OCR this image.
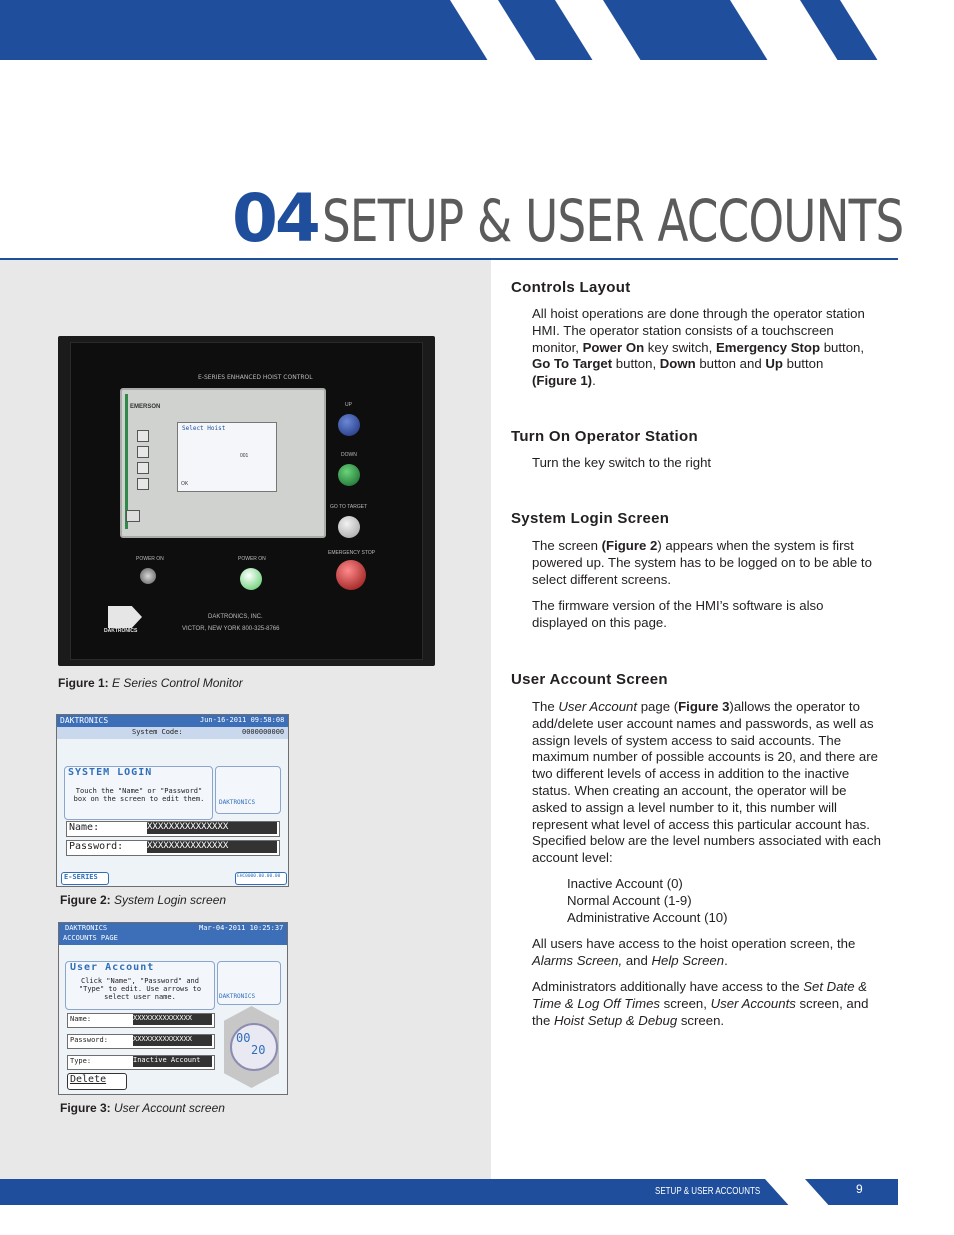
04SETUP & USER ACCOUNTS
E-SERIES ENHANCED HOIST CONTROL
EMERSON
Select Hoist
001
OK
UP
DOWN
GO TO TARGET
EMERGENCY STOP
POWER ON	POWER ON
DAKTRONICS
DAKTRONICS, INC.
VICTOR, NEW YORK 800-325-8766
Figure 1: E Series Control Monitor
DAKTRONICS	Jun-16-2011 09:58:08
System Code:	0000000000
SYSTEM LOGIN
Touch the "Name" or "Password" box on the screen to edit them.	DAKTRONICS
Name:	XXXXXXXXXXXXXXX
Password:	XXXXXXXXXXXXXXX
E-SERIES	EHC0000.00.00.00
Figure 2: System Login screen
DAKTRONICS
ACCOUNTS PAGE
Mar-04-2011 10:25:37
User Account
Click "Name", "Password" and "Type" to edit. Use arrows to select user name.	DAKTRONICS
Name:	XXXXXXXXXXXXXX
Password:	XXXXXXXXXXXXXX
Type:	Inactive Account
Delete
00
20
Figure 3: User Account screen
Controls Layout
All hoist operations are done through the operator station HMI. The operator station consists of a touchscreen monitor, Power On key switch, Emergency Stop button, Go To Target button, Down button and Up button
(Figure 1).
Turn On Operator Station
Turn the key switch to the right
System Login Screen
The screen (Figure 2) appears when the system is first powered up. The system has to be logged on to be able to select different screens.
The firmware version of the HMI’s software is also displayed on this page.
User Account Screen
The User Account page (Figure 3)allows the operator to add/delete user account names and passwords, as well as assign levels of system access to said accounts. The maximum number of possible accounts is 20, and there are two different levels of access in addition to the inactive status. When creating an account, the operator will be asked to assign a level number to it, this number will represent what level of access this particular account has. Specified below are the level numbers associated with each account level:
Inactive Account (0)
Normal Account (1-9)
Administrative Account (10)
All users have access to the hoist operation screen, the Alarms Screen, and Help Screen.
Administrators additionally have access to the Set Date & Time & Log Off Times screen, User Accounts screen, and the Hoist Setup & Debug screen.
SETUP & USER ACCOUNTS	9
